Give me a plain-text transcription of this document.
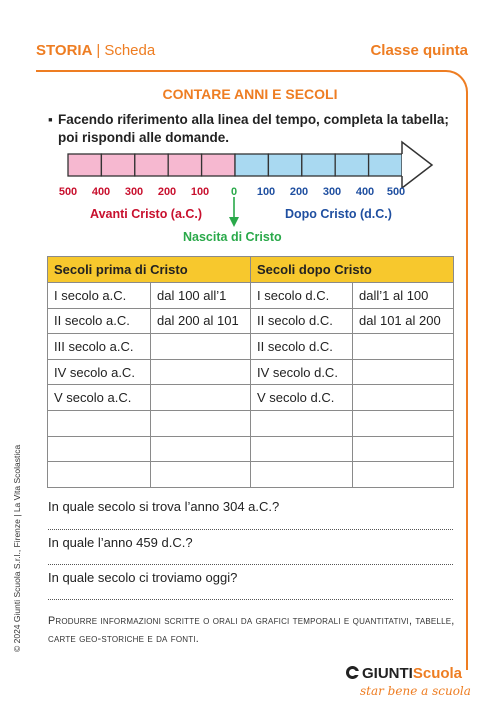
STORIA | Scheda	Classe quinta
CONTARE ANNI E SECOLI
▪ Facendo riferimento alla linea del tempo, completa la tabella; poi rispondi alle domande.
500 400 300 200 100 0 100 200 300 400 500
Avanti Cristo (a.C.)	Dopo Cristo (d.C.)
Nascita di Cristo
Secoli prima di Cristo		Secoli dopo Cristo	
I secolo a.C.	dal 100 all’1	I secolo d.C.	dall’1 al 100
II secolo a.C.	dal 200 al 101	II secolo d.C.	dal 101 al 200
III secolo a.C.		II secolo d.C.	
IV secolo a.C.		IV secolo d.C.	
V secolo a.C.		V secolo d.C.	

In quale secolo si trova l’anno 304 a.C.?
In quale l’anno 459 d.C.?
In quale secolo ci troviamo oggi?
Produrre informazioni scritte o orali da grafici temporali e quantitativi, tabelle, carte geo-storiche e da fonti.
© 2024 Giunti Scuola S.r.l., Firenze | La Vita Scolastica
GIUNTIScuola
star bene a scuola
